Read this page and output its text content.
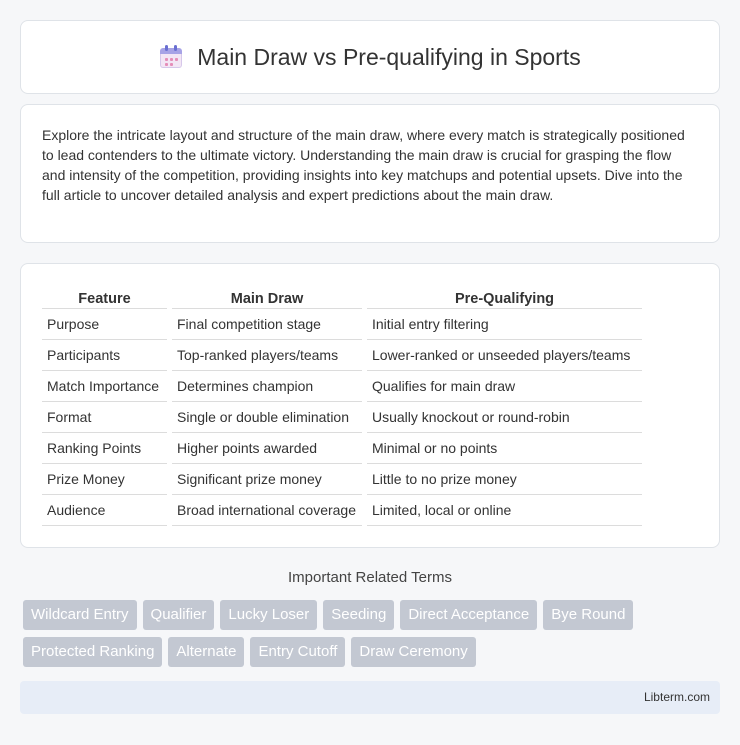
Main Draw vs Pre-qualifying in Sports

Explore the intricate layout and structure of the main draw, where every match is strategically positioned to lead contenders to the ultimate victory. Understanding the main draw is crucial for grasping the flow and intensity of the competition, providing insights into key matchups and potential upsets. Dive into the full article to uncover detailed analysis and expert predictions about the main draw.

Feature	Main Draw	Pre-Qualifying
Purpose	Final competition stage	Initial entry filtering
Participants	Top-ranked players/teams	Lower-ranked or unseeded players/teams
Match Importance	Determines champion	Qualifies for main draw
Format	Single or double elimination	Usually knockout or round-robin
Ranking Points	Higher points awarded	Minimal or no points
Prize Money	Significant prize money	Little to no prize money
Audience	Broad international coverage	Limited, local or online
Important Related Terms
Wildcard Entry	Qualifier	Lucky Loser	Seeding	Direct Acceptance	Bye Round
Protected Ranking	Alternate	Entry Cutoff	Draw Ceremony
Libterm.com
